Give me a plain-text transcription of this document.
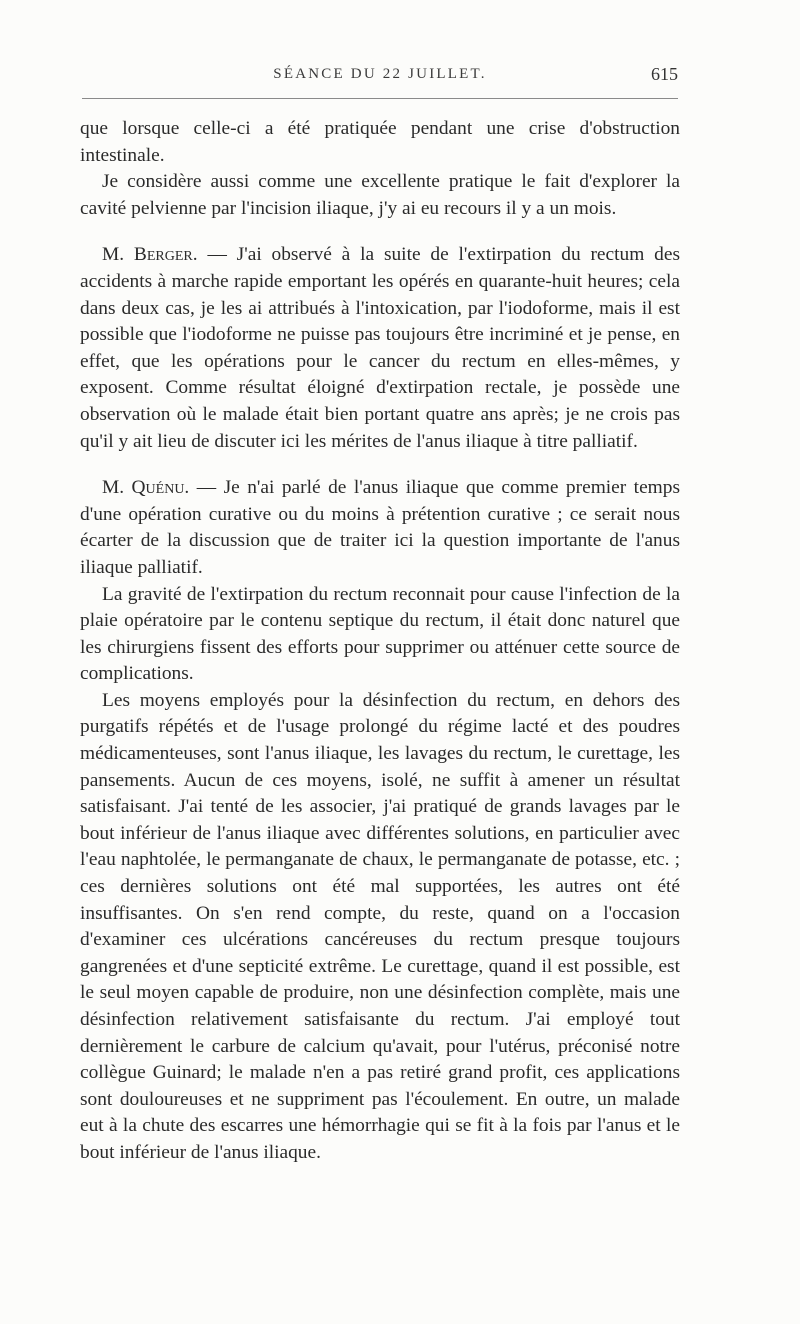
SÉANCE DU 22 JUILLET.	615

que lorsque celle-ci a été pratiquée pendant une crise d'obstruction intestinale.

Je considère aussi comme une excellente pratique le fait d'explorer la cavité pelvienne par l'incision iliaque, j'y ai eu recours il y a un mois.

M. Berger. — J'ai observé à la suite de l'extirpation du rectum des accidents à marche rapide emportant les opérés en quarante-huit heures; cela dans deux cas, je les ai attribués à l'intoxication, par l'iodoforme, mais il est possible que l'iodoforme ne puisse pas toujours être incriminé et je pense, en effet, que les opérations pour le cancer du rectum en elles-mêmes, y exposent. Comme résultat éloigné d'extirpation rectale, je possède une observation où le malade était bien portant quatre ans après; je ne crois pas qu'il y ait lieu de discuter ici les mérites de l'anus iliaque à titre palliatif.

M. Quénu. — Je n'ai parlé de l'anus iliaque que comme premier temps d'une opération curative ou du moins à prétention curative ; ce serait nous écarter de la discussion que de traiter ici la question importante de l'anus iliaque palliatif.

La gravité de l'extirpation du rectum reconnait pour cause l'infection de la plaie opératoire par le contenu septique du rectum, il était donc naturel que les chirurgiens fissent des efforts pour supprimer ou atténuer cette source de complications.

Les moyens employés pour la désinfection du rectum, en dehors des purgatifs répétés et de l'usage prolongé du régime lacté et des poudres médicamenteuses, sont l'anus iliaque, les lavages du rectum, le curettage, les pansements. Aucun de ces moyens, isolé, ne suffit à amener un résultat satisfaisant. J'ai tenté de les associer, j'ai pratiqué de grands lavages par le bout inférieur de l'anus iliaque avec différentes solutions, en particulier avec l'eau naphtolée, le permanganate de chaux, le permanganate de potasse, etc. ; ces dernières solutions ont été mal supportées, les autres ont été insuffisantes. On s'en rend compte, du reste, quand on a l'occasion d'examiner ces ulcérations cancéreuses du rectum presque toujours gangrenées et d'une septicité extrême. Le curettage, quand il est possible, est le seul moyen capable de produire, non une désinfection complète, mais une désinfection relativement satisfaisante du rectum. J'ai employé tout dernièrement le carbure de calcium qu'avait, pour l'utérus, préconisé notre collègue Guinard; le malade n'en a pas retiré grand profit, ces applications sont douloureuses et ne suppriment pas l'écoulement. En outre, un malade eut à la chute des escarres une hémorrhagie qui se fit à la fois par l'anus et le bout inférieur de l'anus iliaque.
